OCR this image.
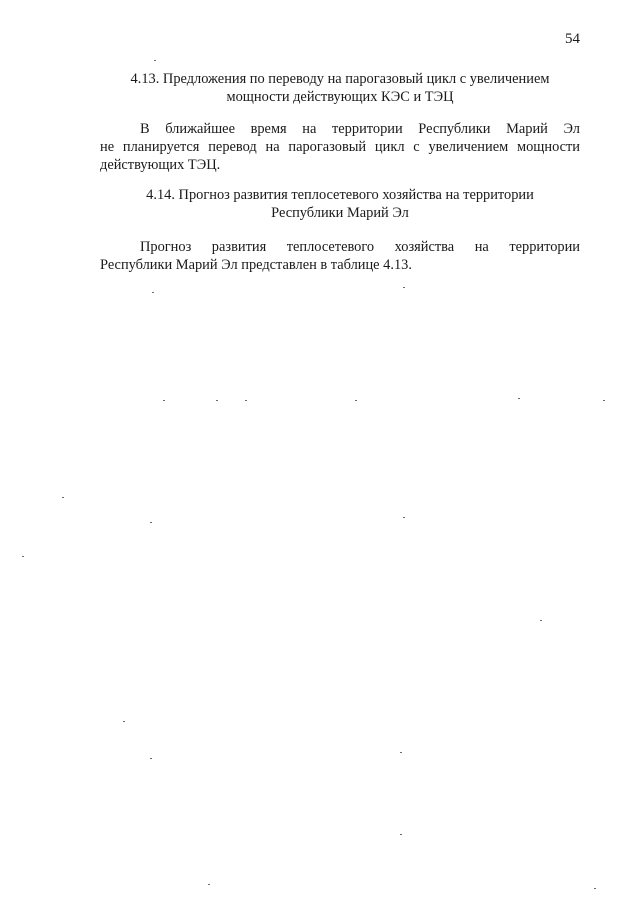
54
4.13. Предложения по переводу на парогазовый цикл с увеличением
мощности действующих КЭС и ТЭЦ

В ближайшее время на территории Республики Марий Эл
не планируется перевод на парогазовый цикл с увеличением мощности
действующих ТЭЦ.

4.14. Прогноз развития теплосетевого хозяйства на территории
Республики Марий Эл

Прогноз развития теплосетевого хозяйства на территории
Республики Марий Эл представлен в таблице 4.13.
